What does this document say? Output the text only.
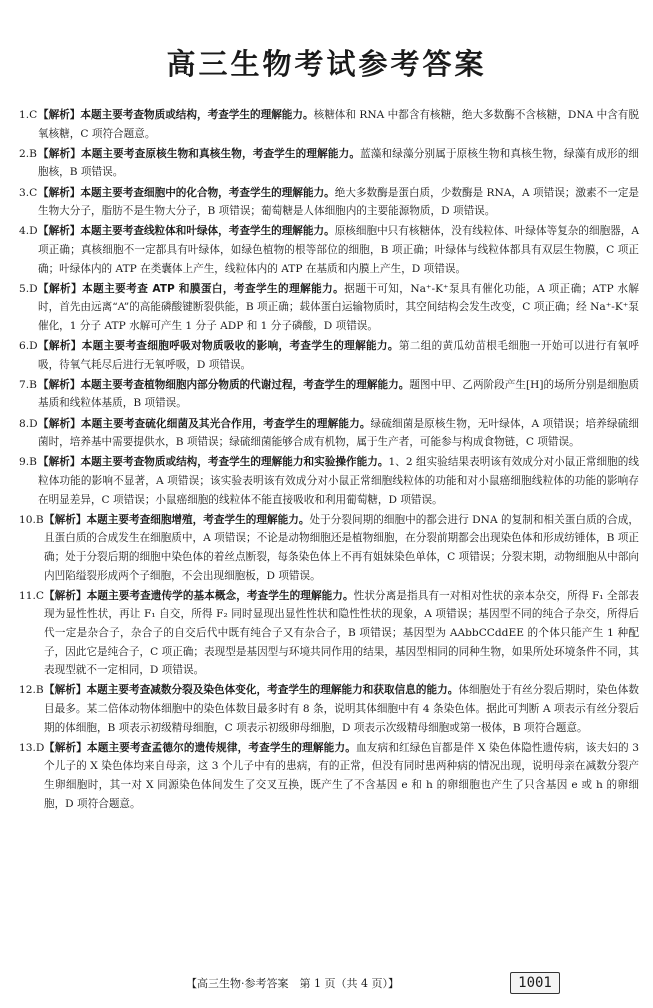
高三生物考试参考答案
1.C 【解析】本题主要考查物质或结构，考查学生的理解能力。核糖体和 RNA 中都含有核糖，绝大多数酶不含核糖，DNA 中含有脱氧核糖，C 项符合题意。
2.B 【解析】本题主要考查原核生物和真核生物，考查学生的理解能力。蓝藻和绿藻分别属于原核生物和真核生物，绿藻有成形的细胞核，B 项错误。
3.C 【解析】本题主要考查细胞中的化合物，考查学生的理解能力。绝大多数酶是蛋白质，少数酶是 RNA，A 项错误；激素不一定是生物大分子，脂肪不是生物大分子，B 项错误；葡萄糖是人体细胞内的主要能源物质，D 项错误。
4.D 【解析】本题主要考查线粒体和叶绿体，考查学生的理解能力。原核细胞中只有核糖体，没有线粒体、叶绿体等复杂的细胞器，A 项正确；真核细胞不一定都具有叶绿体，如绿色植物的根等部位的细胞，B 项正确；叶绿体与线粒体都具有双层生物膜，C 项正确；叶绿体内的 ATP 在类囊体上产生，线粒体内的 ATP 在基质和内膜上产生，D 项错误。
5.D 【解析】本题主要考查 ATP 和膜蛋白，考查学生的理解能力。据题干可知，Na⁺-K⁺泵具有催化功能，A 项正确；ATP 水解时，首先由远离“A”的高能磷酸键断裂供能，B 项正确；载体蛋白运输物质时，其空间结构会发生改变，C 项正确；经 Na⁺-K⁺泵催化，1 分子 ATP 水解可产生 1 分子 ADP 和 1 分子磷酸，D 项错误。
6.D 【解析】本题主要考查细胞呼吸对物质吸收的影响，考查学生的理解能力。第二组的黄瓜幼苗根毛细胞一开始可以进行有氧呼吸，待氧气耗尽后进行无氧呼吸，D 项错误。
7.B 【解析】本题主要考查植物细胞内部分物质的代谢过程，考查学生的理解能力。题图中甲、乙两阶段产生[H]的场所分别是细胞质基质和线粒体基质，B 项错误。
8.D 【解析】本题主要考查硫化细菌及其光合作用，考查学生的理解能力。绿硫细菌是原核生物，无叶绿体，A 项错误；培养绿硫细菌时，培养基中需要提供水，B 项错误；绿硫细菌能够合成有机物，属于生产者，可能参与构成食物链，C 项错误。
9.B 【解析】本题主要考查物质或结构，考查学生的理解能力和实验操作能力。1、2 组实验结果表明该有效成分对小鼠正常细胞的线粒体功能的影响不显著，A 项错误；该实验表明该有效成分对小鼠正常细胞线粒体的功能和对小鼠癌细胞线粒体的功能的影响存在明显差异，C 项错误；小鼠癌细胞的线粒体不能直接吸收和利用葡萄糖，D 项错误。
10.B 【解析】本题主要考查细胞增殖，考查学生的理解能力。处于分裂间期的细胞中的都会进行 DNA 的复制和相关蛋白质的合成，且蛋白质的合成发生在细胞质中，A 项错误；不论是动物细胞还是植物细胞，在分裂前期都会出现染色体和形成纺锤体，B 项正确；处于分裂后期的细胞中染色体的着丝点断裂，每条染色体上不再有姐妹染色单体，C 项错误；分裂末期，动物细胞从中部向内凹陷缢裂形成两个子细胞，不会出现细胞板，D 项错误。
11.C 【解析】本题主要考查遗传学的基本概念，考查学生的理解能力。性状分离是指具有一对相对性状的亲本杂交，所得 F₁ 全部表现为显性性状，再让 F₁ 自交，所得 F₂ 同时显现出显性性状和隐性性状的现象，A 项错误；基因型不同的纯合子杂交，所得后代一定是杂合子，杂合子的自交后代中既有纯合子又有杂合子，B 项错误；基因型为 AAbbCCddEE 的个体只能产生 1 种配子，因此它是纯合子，C 项正确；表现型是基因型与环境共同作用的结果，基因型相同的同种生物，如果所处环境条件不同，其表现型就不一定相同，D 项错误。
12.B 【解析】本题主要考查减数分裂及染色体变化，考查学生的理解能力和获取信息的能力。体细胞处于有丝分裂后期时，染色体数目最多。某二倍体动物体细胞中的染色体数目最多时有 8 条，说明其体细胞中有 4 条染色体。据此可判断 A 项表示有丝分裂后期的体细胞，B 项表示初级精母细胞，C 项表示初级卵母细胞，D 项表示次级精母细胞或第一极体，B 项符合题意。
13.D 【解析】本题主要考查孟德尔的遗传规律，考查学生的理解能力。血友病和红绿色盲都是伴 X 染色体隐性遗传病，该夫妇的 3 个儿子的 X 染色体均来自母亲，这 3 个儿子中有的患病，有的正常，但没有同时患两种病的情况出现，说明母亲在减数分裂产生卵细胞时，其一对 X 同源染色体间发生了交叉互换，既产生了不含基因 e 和 h 的卵细胞也产生了只含基因 e 或 h 的卵细胞，D 项符合题意。
【高三生物·参考答案　第 1 页（共 4 页）】	1001
